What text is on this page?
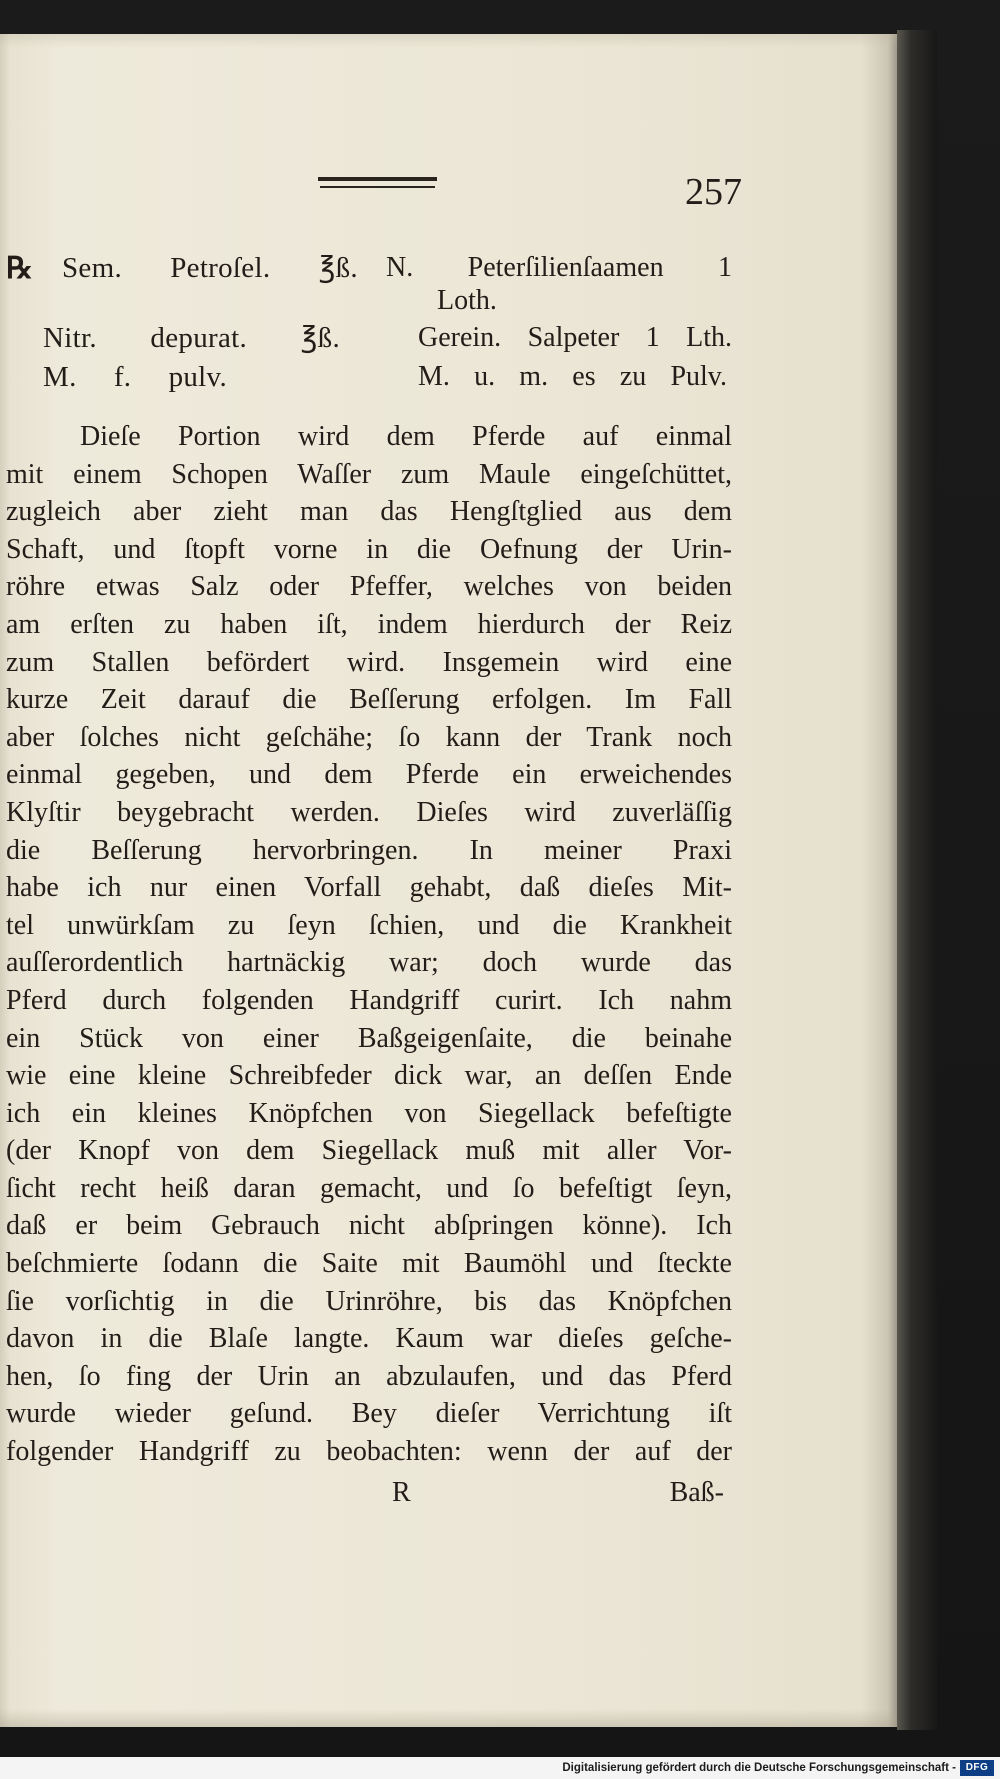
257
℞ Sem. Petroſel. ℥ß. N. Peterſilienſaamen 1
Loth.
Nitr. depurat. ℥ß.	Gerein. Salpeter 1 Lth.
M. f. pulv.	M. u. m. es zu Pulv.
Dieſe Portion wird dem Pferde auf einmal
mit einem Schopen Waſſer zum Maule eingeſchüttet,
zugleich aber zieht man das Hengſtglied aus dem
Schaft, und ſtopft vorne in die Oefnung der Urin-
röhre etwas Salz oder Pfeffer, welches von beiden
am erſten zu haben iſt, indem hierdurch der Reiz
zum Stallen befördert wird. Insgemein wird eine
kurze Zeit darauf die Beſſerung erfolgen. Im Fall
aber ſolches nicht geſchähe; ſo kann der Trank noch
einmal gegeben, und dem Pferde ein erweichendes
Klyſtir beygebracht werden. Dieſes wird zuverläſſig
die Beſſerung hervorbringen. In meiner Praxi
habe ich nur einen Vorfall gehabt, daß dieſes Mit-
tel unwürkſam zu ſeyn ſchien, und die Krankheit
auſſerordentlich hartnäckig war; doch wurde das
Pferd durch folgenden Handgriff curirt. Ich nahm
ein Stück von einer Baßgeigenſaite, die beinahe
wie eine kleine Schreibfeder dick war, an deſſen Ende
ich ein kleines Knöpfchen von Siegellack befeſtigte
(der Knopf von dem Siegellack muß mit aller Vor-
ſicht recht heiß daran gemacht, und ſo befeſtigt ſeyn,
daß er beim Gebrauch nicht abſpringen könne). Ich
beſchmierte ſodann die Saite mit Baumöhl und ſteckte
ſie vorſichtig in die Urinröhre, bis das Knöpfchen
davon in die Blaſe langte. Kaum war dieſes geſche-
hen, ſo fing der Urin an abzulaufen, und das Pferd
wurde wieder geſund. Bey dieſer Verrichtung iſt
folgender Handgriff zu beobachten: wenn der auf der
R	Baß-
Digitalisierung gefördert durch die Deutsche Forschungsgemeinschaft - DFG
